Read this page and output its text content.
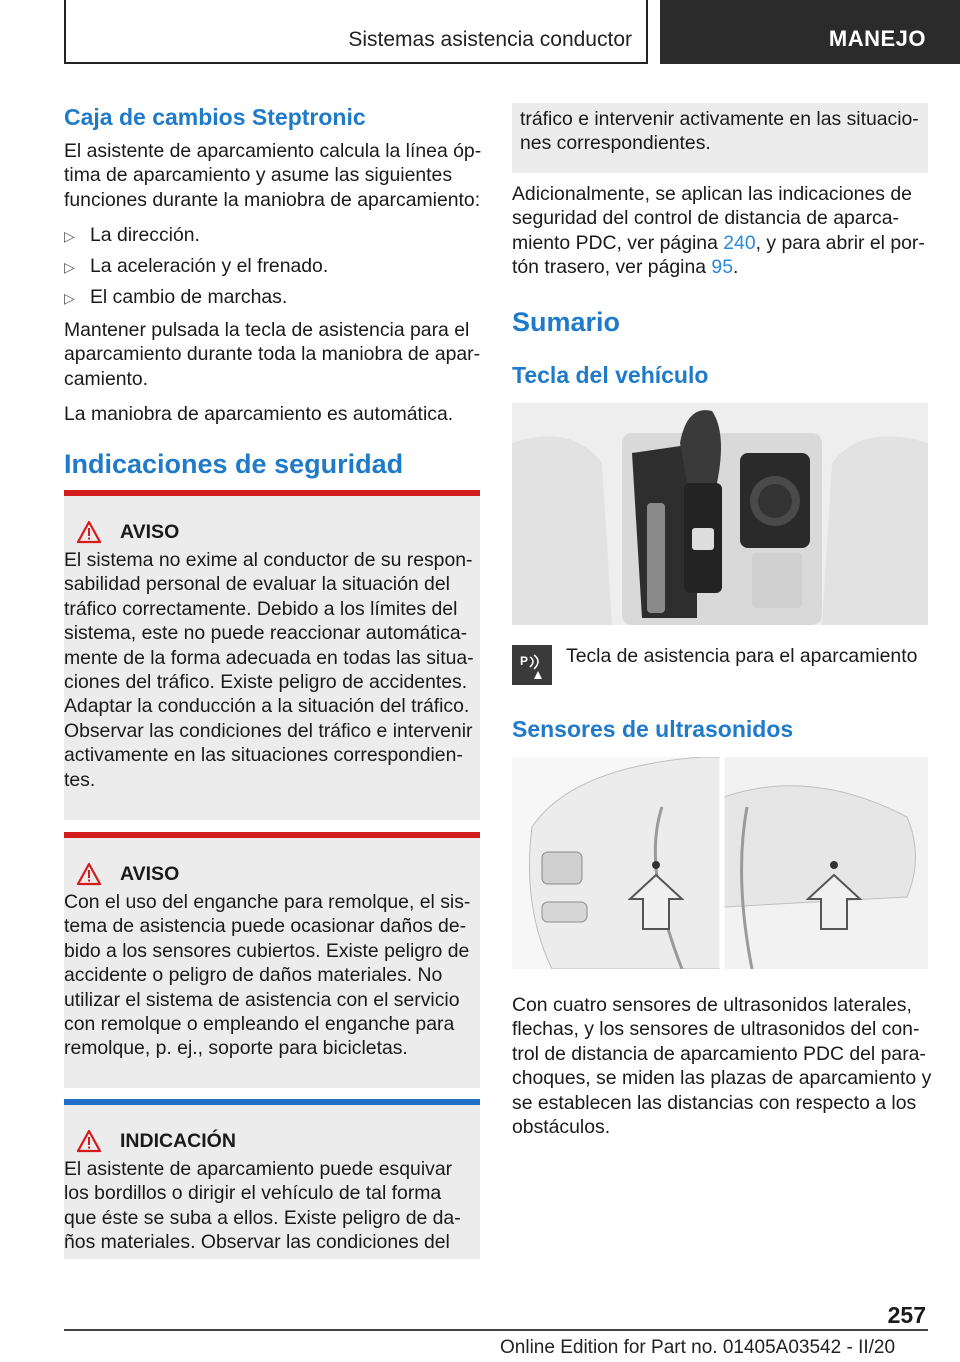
Sistemas asistencia conductor	MANEJO
Caja de cambios Steptronic
El asistente de aparcamiento calcula la línea óp-
tima de aparcamiento y asume las siguientes
funciones durante la maniobra de aparcamiento:
▷ La dirección.
▷ La aceleración y el frenado.
▷ El cambio de marchas.
Mantener pulsada la tecla de asistencia para el
aparcamiento durante toda la maniobra de apar-
camiento.
La maniobra de aparcamiento es automática.
Indicaciones de seguridad
AVISO
El sistema no exime al conductor de su respon-
sabilidad personal de evaluar la situación del
tráfico correctamente. Debido a los límites del
sistema, este no puede reaccionar automática-
mente de la forma adecuada en todas las situa-
ciones del tráfico. Existe peligro de accidentes.
Adaptar la conducción a la situación del tráfico.
Observar las condiciones del tráfico e intervenir
activamente en las situaciones correspondien-
tes.
AVISO
Con el uso del enganche para remolque, el sis-
tema de asistencia puede ocasionar daños de-
bido a los sensores cubiertos. Existe peligro de
accidente o peligro de daños materiales. No
utilizar el sistema de asistencia con el servicio
con remolque o empleando el enganche para
remolque, p. ej., soporte para bicicletas.
INDICACIÓN
El asistente de aparcamiento puede esquivar
los bordillos o dirigir el vehículo de tal forma
que éste se suba a ellos. Existe peligro de da-
ños materiales. Observar las condiciones del
tráfico e intervenir activamente en las situacio-
nes correspondientes.
Adicionalmente, se aplican las indicaciones de
seguridad del control de distancia de aparca-
miento PDC, ver página 240, y para abrir el por-
tón trasero, ver página 95.
Sumario
Tecla del vehículo
P Tecla de asistencia para el aparcamiento
Sensores de ultrasonidos
Con cuatro sensores de ultrasonidos laterales,
flechas, y los sensores de ultrasonidos del con-
trol de distancia de aparcamiento PDC del para-
choques, se miden las plazas de aparcamiento y
se establecen las distancias con respecto a los
obstáculos.
257
Online Edition for Part no. 01405A03542 - II/20
